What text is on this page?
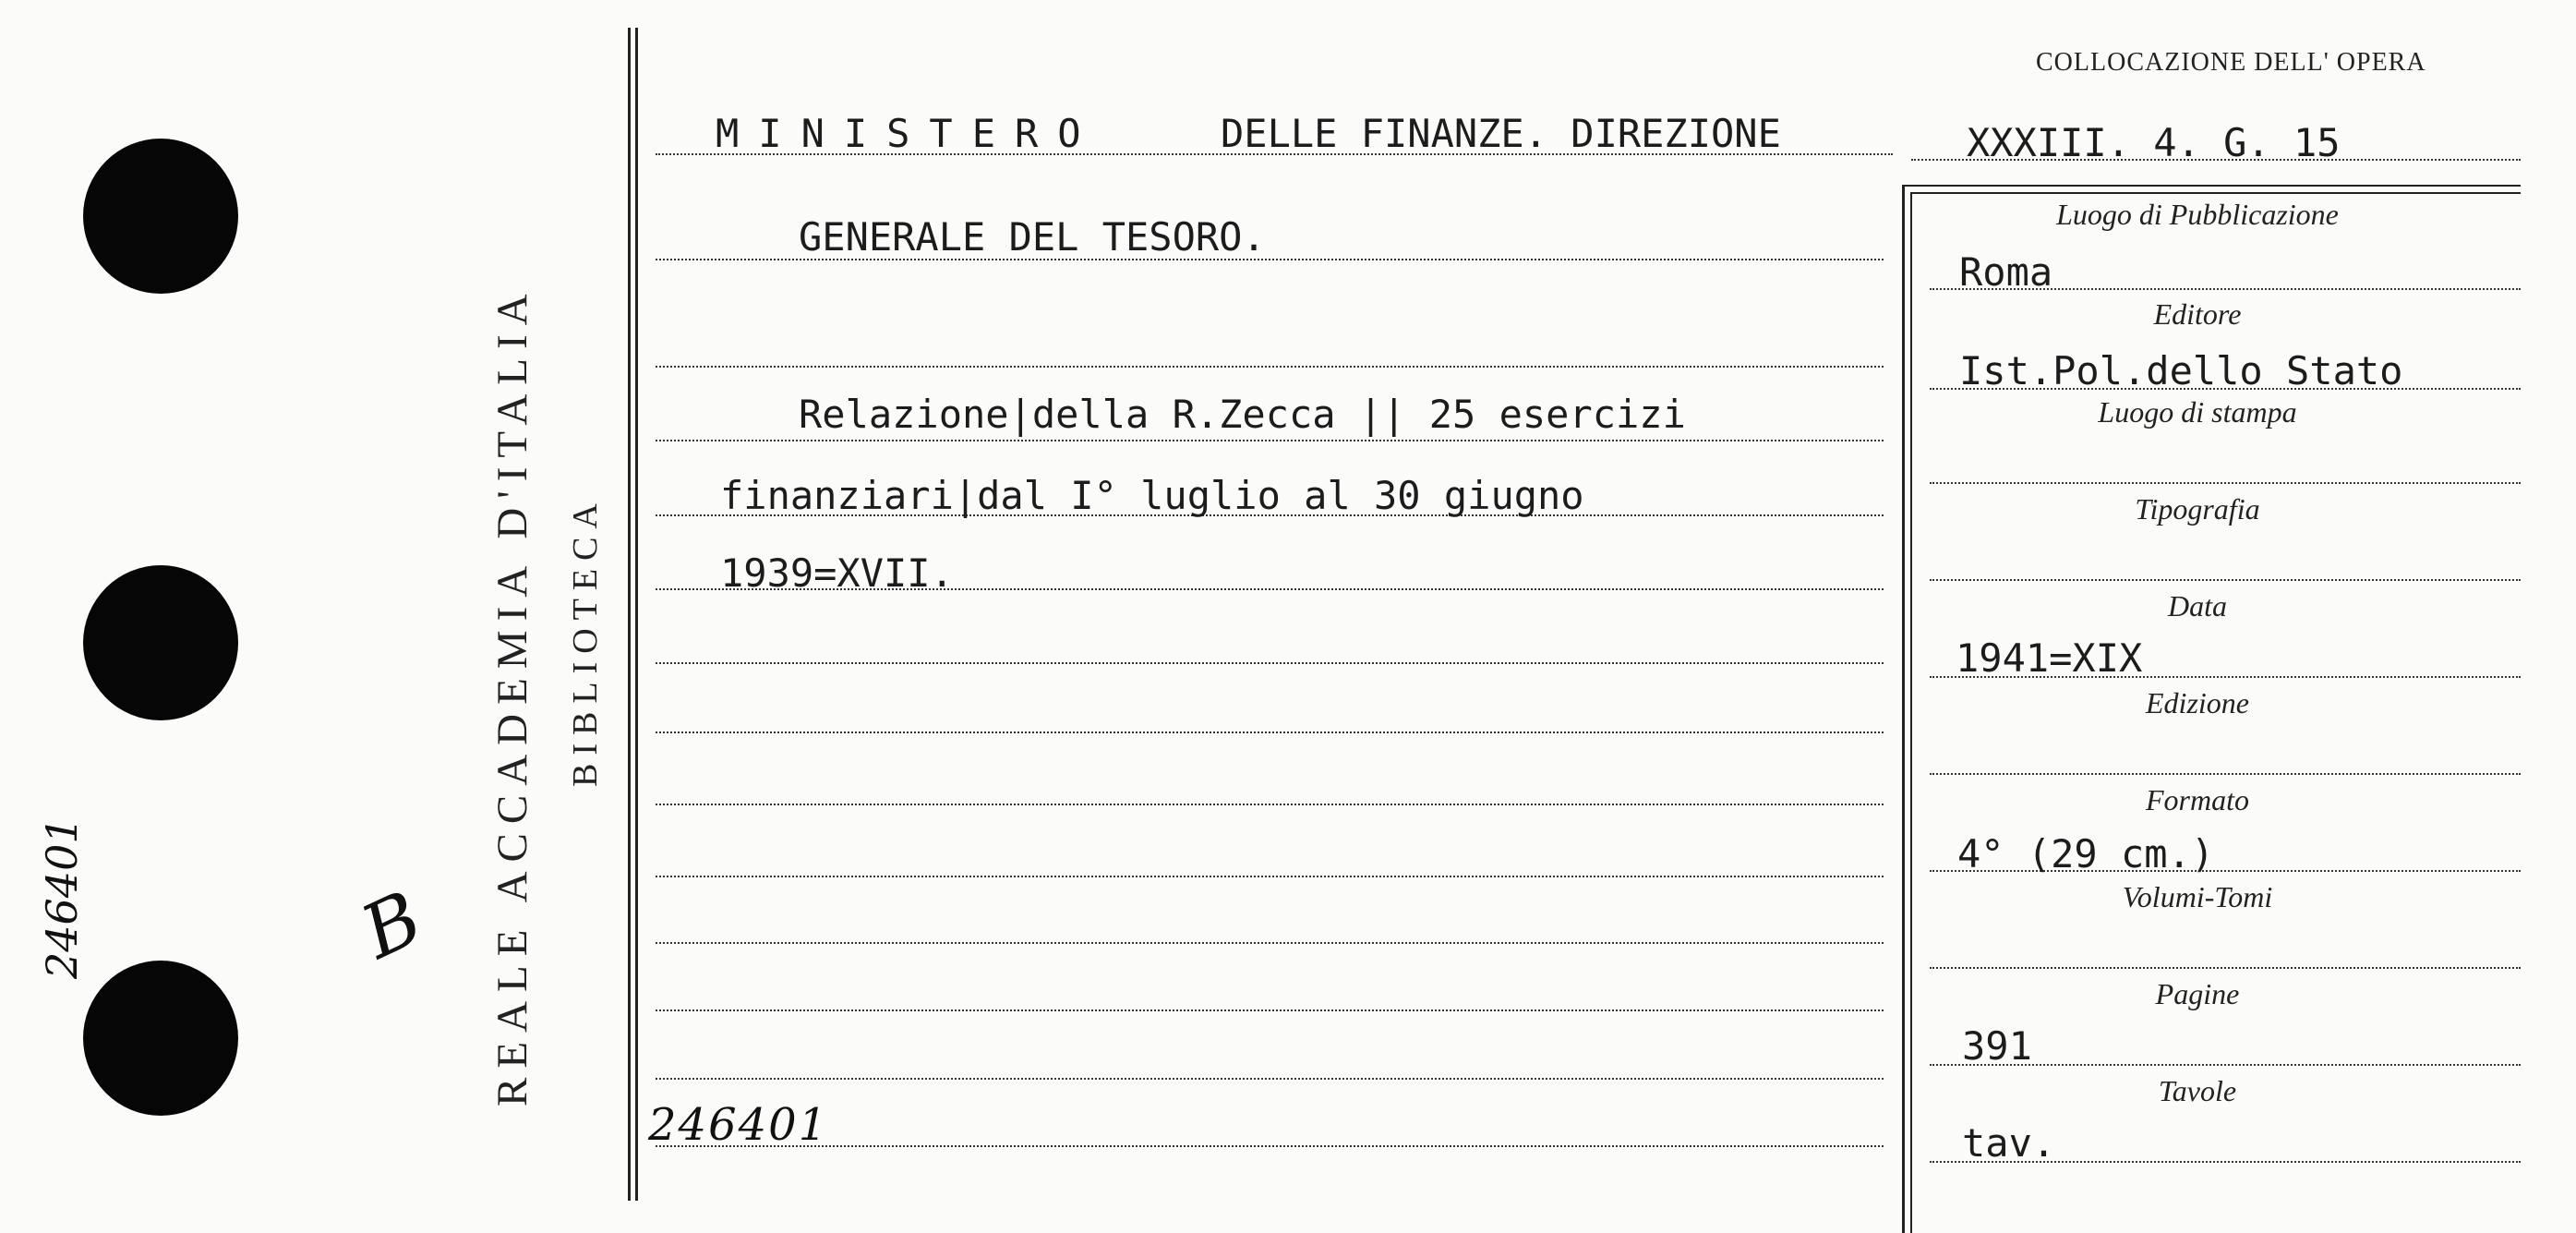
246401	B REALE ACCADEMIA D'ITALIA BIBLIOTECA
COLLOCAZIONE DELL' OPERA
MINISTERO	DELLE FINANZE. DIREZIONE
GENERALE DEL TESORO.
Relazione|della R.Zecca || 25 esercizi
finanziari|dal I° luglio al 30 giugno
1939=XVII.
246401
XXXIII. 4. G. 15
Luogo di Pubblicazione
Roma
Editore
Ist.Pol.dello Stato
Luogo di stampa
Tipografia
Data
1941=XIX
Edizione
Formato
4° (29 cm.)
Volumi-Tomi
Pagine
391
Tavole
tav.
